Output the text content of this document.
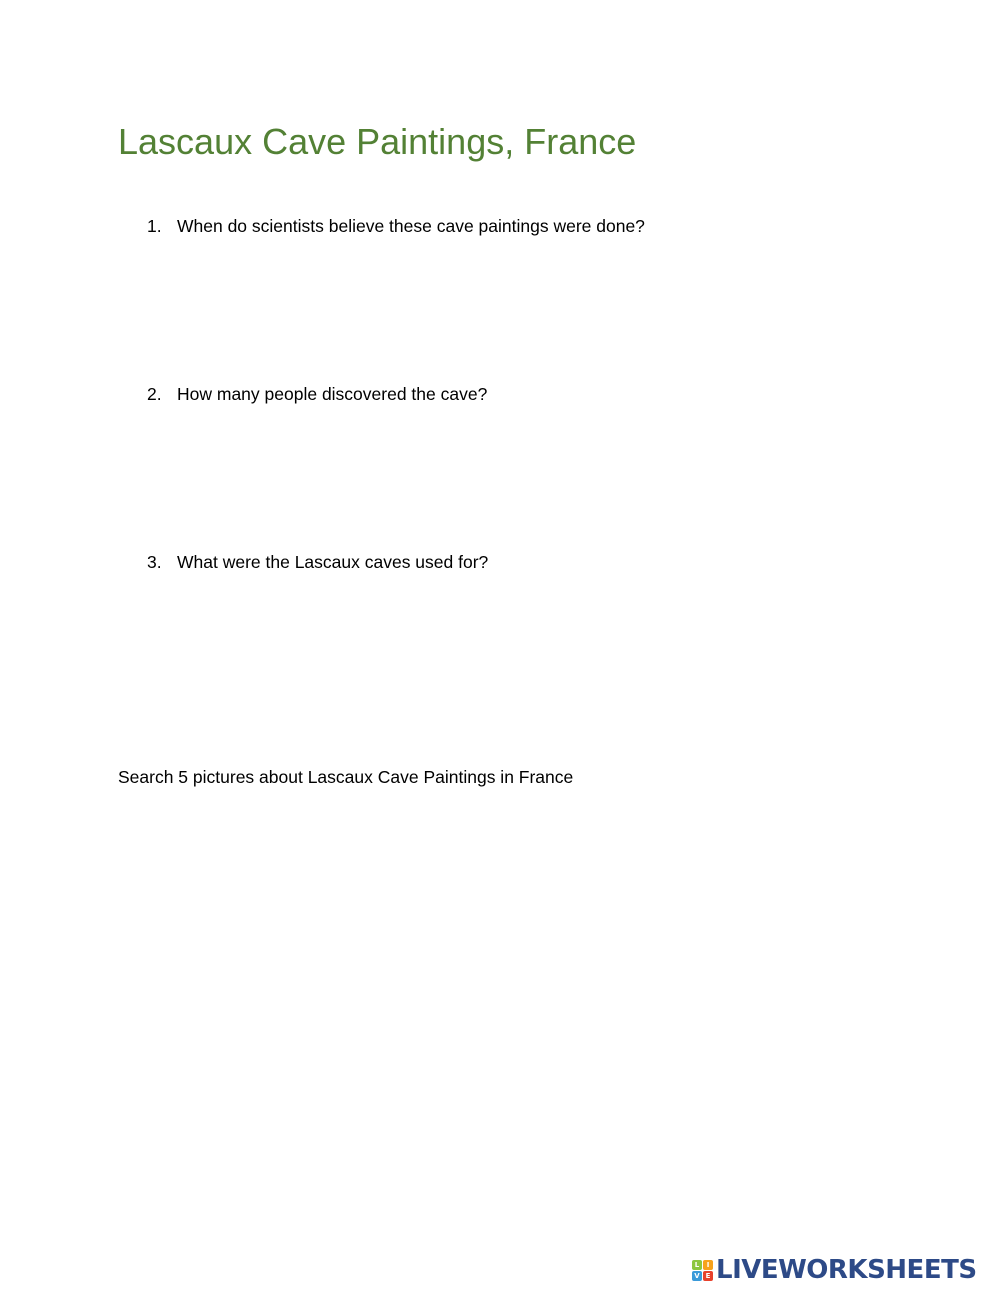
Lascaux Cave Paintings, France
1. When do scientists believe these cave paintings were done?
2. How many people discovered the cave?
3. What were the Lascaux caves used for?
Search 5 pictures about Lascaux Cave Paintings in France
L	I
V E LIVEWORKSHEETS
